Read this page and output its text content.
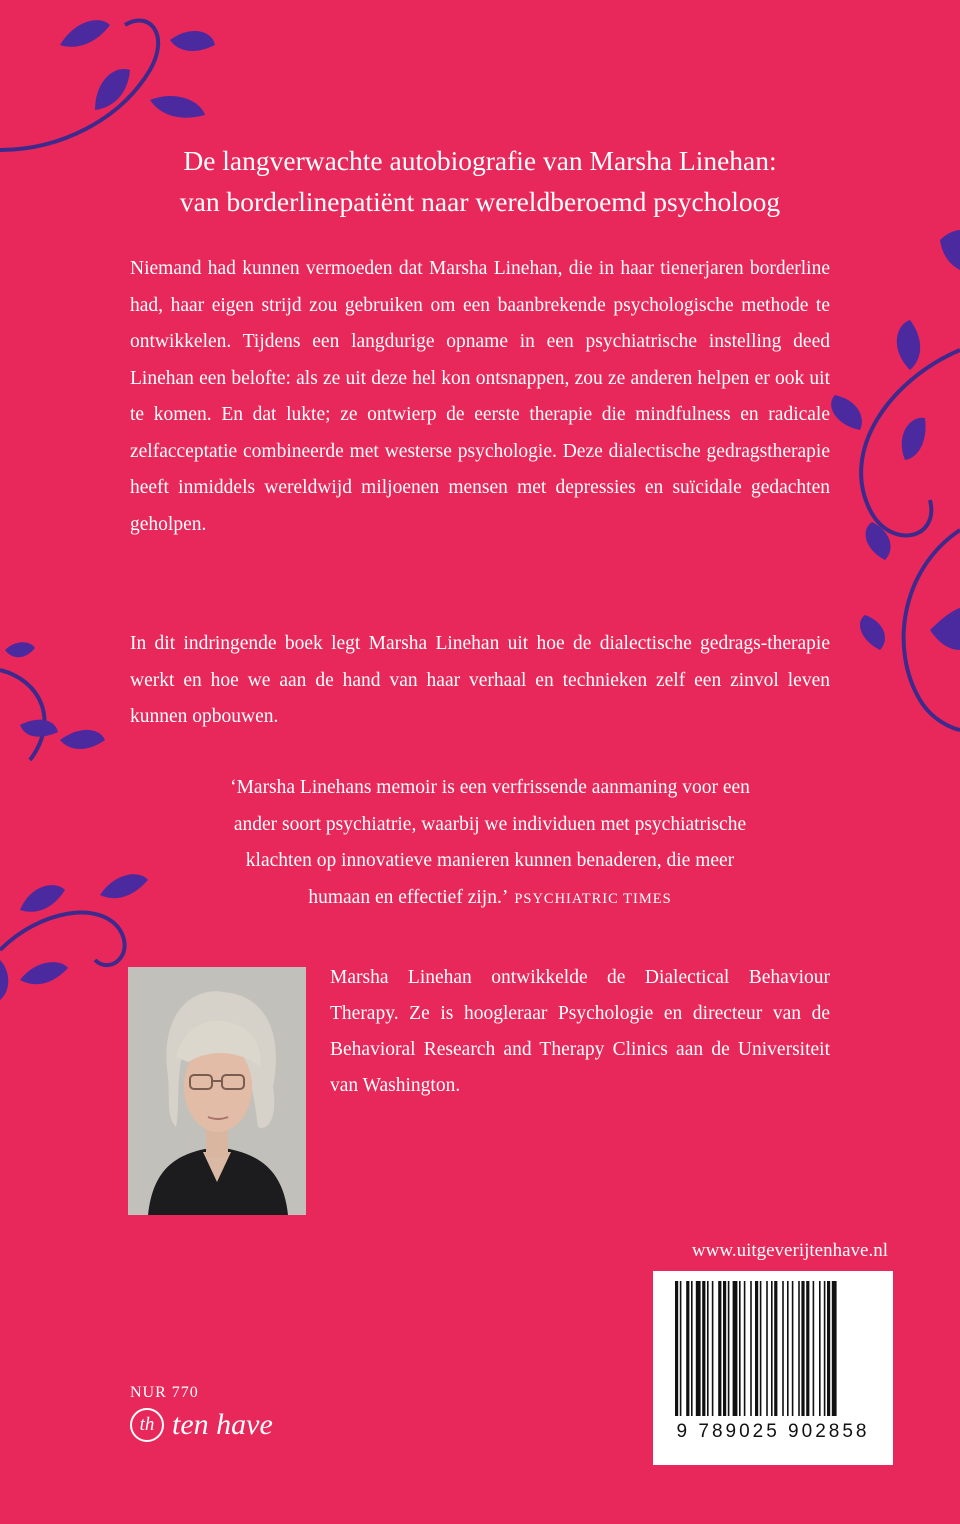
De langverwachte autobiografie van Marsha Linehan:
van borderlinepatiënt naar wereldberoemd psycholoog

Niemand had kunnen vermoeden dat Marsha Linehan, die in haar tienerjaren borderline had, haar eigen strijd zou gebruiken om een baanbrekende psychologische methode te ontwikkelen. Tijdens een langdurige opname in een psychiatrische instelling deed Linehan een belofte: als ze uit deze hel kon ontsnappen, zou ze anderen helpen er ook uit te komen. En dat lukte; ze ontwierp de eerste therapie die mindfulness en radicale zelfacceptatie combineerde met westerse psychologie. Deze dialectische gedragstherapie heeft inmiddels wereldwijd miljoenen mensen met depressies en suïcidale gedachten geholpen.

In dit indringende boek legt Marsha Linehan uit hoe de dialectische gedrags-therapie werkt en hoe we aan de hand van haar verhaal en technieken zelf een zinvol leven kunnen opbouwen.

‘Marsha Linehans memoir is een verfrissende aanmaning voor een
ander soort psychiatrie, waarbij we individuen met psychiatrische
klachten op innovatieve manieren kunnen benaderen, die meer
humaan en effectief zijn.’ PSYCHIATRIC TIMES
Marsha Linehan ontwikkelde de Dialectical Behaviour Therapy. Ze is hoogleraar Psychologie en directeur van de Behavioral Research and Therapy Clinics aan de Universiteit van Washington.
www.uitgeverijtenhave.nl
9 789025 902858
NUR 770
th ten have
